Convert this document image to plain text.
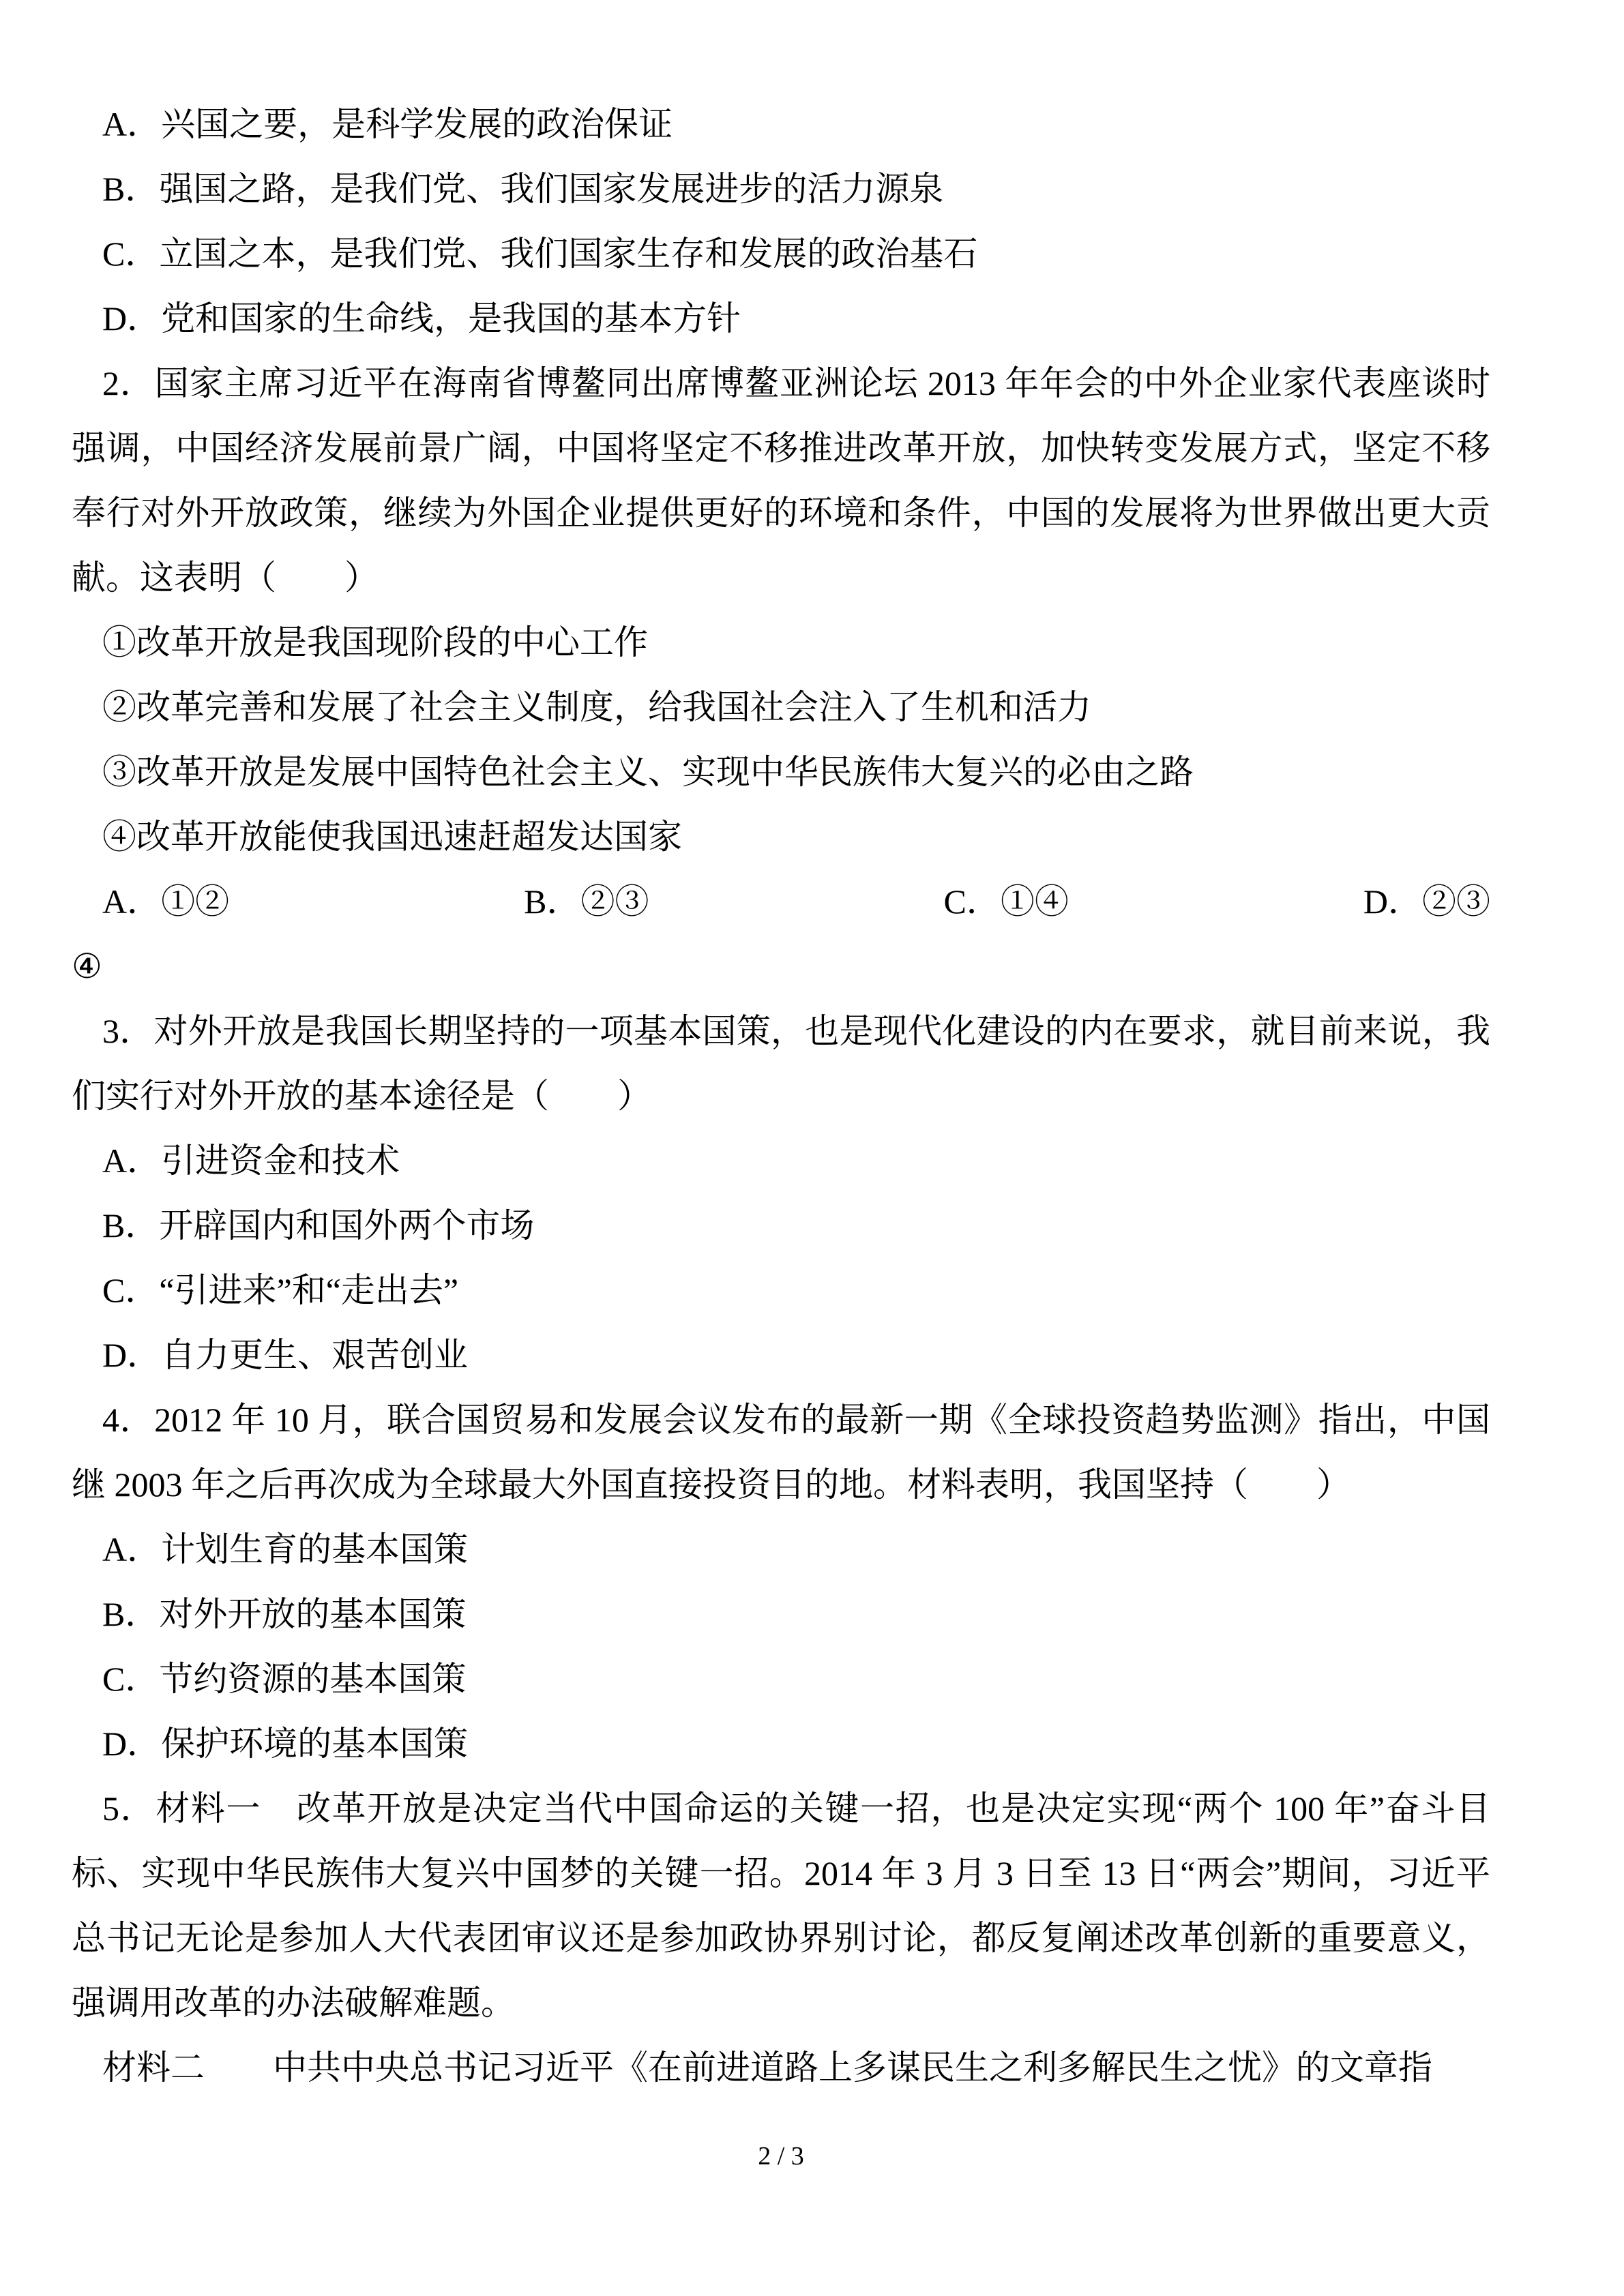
A．兴国之要，是科学发展的政治保证

B．强国之路，是我们党、我们国家发展进步的活力源泉

C．立国之本，是我们党、我们国家生存和发展的政治基石

D．党和国家的生命线，是我国的基本方针

2．国家主席习近平在海南省博鳌同出席博鳌亚洲论坛 2013 年年会的中外企业家代表座谈时强调，中国经济发展前景广阔，中国将坚定不移推进改革开放，加快转变发展方式，坚定不移奉行对外开放政策，继续为外国企业提供更好的环境和条件，中国的发展将为世界做出更大贡献。这表明（　　）

①改革开放是我国现阶段的中心工作

②改革完善和发展了社会主义制度，给我国社会注入了生机和活力

③改革开放是发展中国特色社会主义、实现中华民族伟大复兴的必由之路

④改革开放能使我国迅速赶超发达国家

A．①②	B．②③	C．①④	D．②③

④

3．对外开放是我国长期坚持的一项基本国策，也是现代化建设的内在要求，就目前来说，我们实行对外开放的基本途径是（　　）

A．引进资金和技术

B．开辟国内和国外两个市场

C．“引进来”和“走出去”

D．自力更生、艰苦创业

4．2012 年 10 月，联合国贸易和发展会议发布的最新一期《全球投资趋势监测》指出，中国继 2003 年之后再次成为全球最大外国直接投资目的地。材料表明，我国坚持（　　）

A．计划生育的基本国策

B．对外开放的基本国策

C．节约资源的基本国策

D．保护环境的基本国策

5．材料一　改革开放是决定当代中国命运的关键一招，也是决定实现“两个 100 年”奋斗目标、实现中华民族伟大复兴中国梦的关键一招。2014 年 3 月 3 日至 13 日“两会”期间，习近平总书记无论是参加人大代表团审议还是参加政协界别讨论，都反复阐述改革创新的重要意义，强调用改革的办法破解难题。

材料二　　中共中央总书记习近平《在前进道路上多谋民生之利多解民生之忧》的文章指

2 / 3
